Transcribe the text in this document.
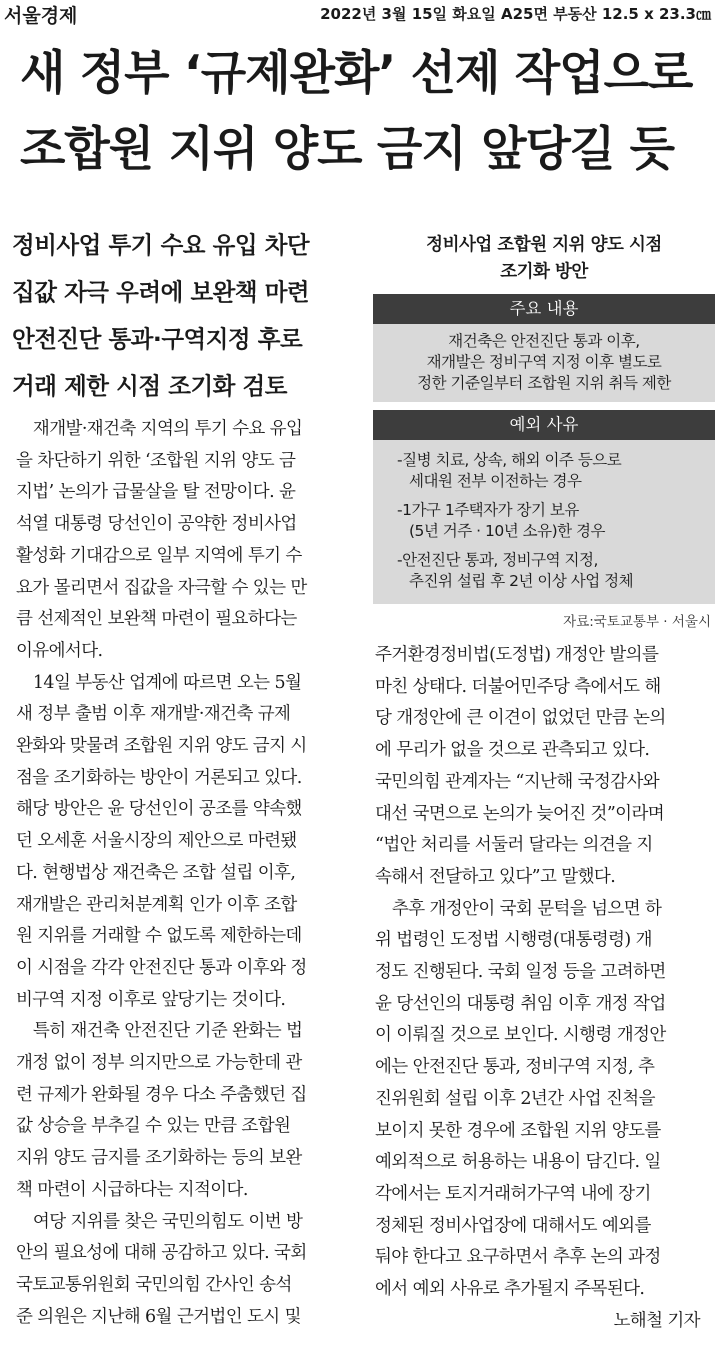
서울경제	2022년 3월 15일 화요일 A25면 부동산 12.5 x 23.3㎝
새 정부 ‘규제완화’ 선제 작업으로
조합원 지위 양도 금지 앞당길 듯
정비사업 투기 수요 유입 차단
집값 자극 우려에 보완책 마련
안전진단 통과·구역지정 후로
거래 제한 시점 조기화 검토
정비사업 조합원 지위 양도 시점
조기화 방안
주요 내용
재건축은 안전진단 통과 이후,
재개발은 정비구역 지정 이후 별도로
정한 기준일부터 조합원 지위 취득 제한
예외 사유
-질병 치료, 상속, 해외 이주 등으로
세대원 전부 이전하는 경우
-1가구 1주택자가 장기 보유
(5년 거주 · 10년 소유)한 경우
-안전진단 통과, 정비구역 지정,
추진위 설립 후 2년 이상 사업 정체
자료:국토교통부 · 서울시
　재개발·재건축 지역의 투기 수요 유입
을 차단하기 위한 ‘조합원 지위 양도 금
지법’ 논의가 급물살을 탈 전망이다. 윤
석열 대통령 당선인이 공약한 정비사업
활성화 기대감으로 일부 지역에 투기 수
요가 몰리면서 집값을 자극할 수 있는 만
큼 선제적인 보완책 마련이 필요하다는
이유에서다.
　14일 부동산 업계에 따르면 오는 5월
새 정부 출범 이후 재개발·재건축 규제
완화와 맞물려 조합원 지위 양도 금지 시
점을 조기화하는 방안이 거론되고 있다.
해당 방안은 윤 당선인이 공조를 약속했
던 오세훈 서울시장의 제안으로 마련됐
다. 현행법상 재건축은 조합 설립 이후,
재개발은 관리처분계획 인가 이후 조합
원 지위를 거래할 수 없도록 제한하는데
이 시점을 각각 안전진단 통과 이후와 정
비구역 지정 이후로 앞당기는 것이다.
　특히 재건축 안전진단 기준 완화는 법
개정 없이 정부 의지만으로 가능한데 관
련 규제가 완화될 경우 다소 주춤했던 집
값 상승을 부추길 수 있는 만큼 조합원
지위 양도 금지를 조기화하는 등의 보완
책 마련이 시급하다는 지적이다.
　여당 지위를 찾은 국민의힘도 이번 방
안의 필요성에 대해 공감하고 있다. 국회
국토교통위원회 국민의힘 간사인 송석
준 의원은 지난해 6월 근거법인 도시 및
주거환경정비법(도정법) 개정안 발의를
마친 상태다. 더불어민주당 측에서도 해
당 개정안에 큰 이견이 없었던 만큼 논의
에 무리가 없을 것으로 관측되고 있다.
국민의힘 관계자는 “지난해 국정감사와
대선 국면으로 논의가 늦어진 것”이라며
“법안 처리를 서둘러 달라는 의견을 지
속해서 전달하고 있다”고 말했다.
　추후 개정안이 국회 문턱을 넘으면 하
위 법령인 도정법 시행령(대통령령) 개
정도 진행된다. 국회 일정 등을 고려하면
윤 당선인의 대통령 취임 이후 개정 작업
이 이뤄질 것으로 보인다. 시행령 개정안
에는 안전진단 통과, 정비구역 지정, 추
진위원회 설립 이후 2년간 사업 진척을
보이지 못한 경우에 조합원 지위 양도를
예외적으로 허용하는 내용이 담긴다. 일
각에서는 토지거래허가구역 내에 장기
정체된 정비사업장에 대해서도 예외를
둬야 한다고 요구하면서 추후 논의 과정
에서 예외 사유로 추가될지 주목된다.
노해철 기자
